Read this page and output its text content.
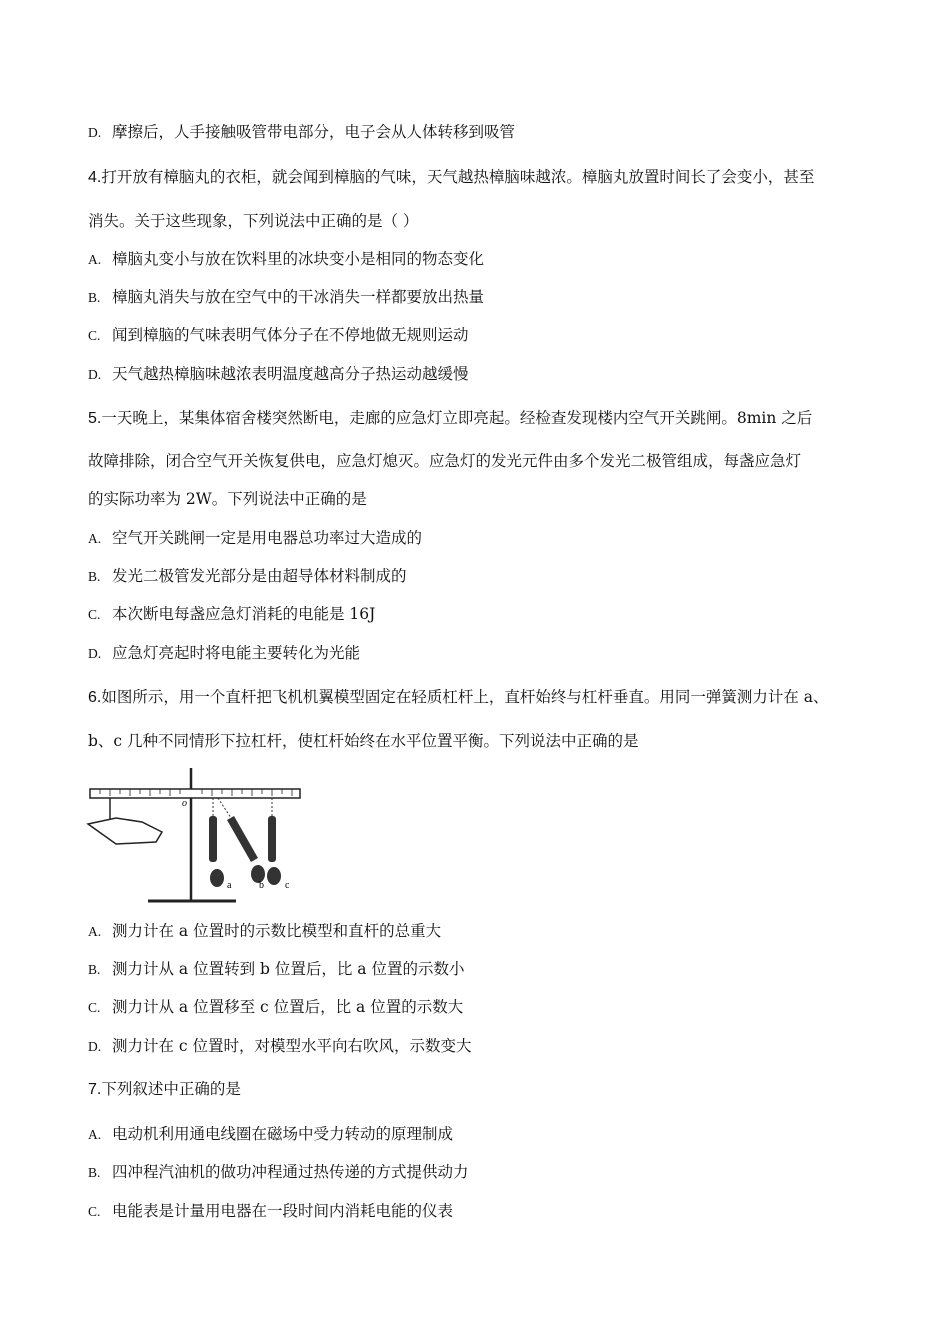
D. 摩擦后，人手接触吸管带电部分，电子会从人体转移到吸管
4.打开放有樟脑丸的衣柜，就会闻到樟脑的气味，天气越热樟脑味越浓。樟脑丸放置时间长了会变小，甚至
消失。关于这些现象，下列说法中正确的是（ ）
A. 樟脑丸变小与放在饮料里的冰块变小是相同的物态变化
B. 樟脑丸消失与放在空气中的干冰消失一样都要放出热量
C. 闻到樟脑的气味表明气体分子在不停地做无规则运动
D. 天气越热樟脑味越浓表明温度越高分子热运动越缓慢
5.一天晚上，某集体宿舍楼突然断电，走廊的应急灯立即亮起。经检查发现楼内空气开关跳闸。8min 之后
故障排除，闭合空气开关恢复供电，应急灯熄灭。应急灯的发光元件由多个发光二极管组成，每盏应急灯
的实际功率为 2W。下列说法中正确的是
A. 空气开关跳闸一定是用电器总功率过大造成的
B. 发光二极管发光部分是由超导体材料制成的
C. 本次断电每盏应急灯消耗的电能是 16J
D. 应急灯亮起时将电能主要转化为光能
6.如图所示，用一个直杆把飞机机翼模型固定在轻质杠杆上，直杆始终与杠杆垂直。用同一弹簧测力计在 a、
b、c 几种不同情形下拉杠杆，使杠杆始终在水平位置平衡。下列说法中正确的是
o
a	b c
A. 测力计在 a 位置时的示数比模型和直杆的总重大
B. 测力计从 a 位置转到 b 位置后，比 a 位置的示数小
C. 测力计从 a 位置移至 c 位置后，比 a 位置的示数大
D. 测力计在 c 位置时，对模型水平向右吹风，示数变大
7.下列叙述中正确的是
A. 电动机利用通电线圈在磁场中受力转动的原理制成
B. 四冲程汽油机的做功冲程通过热传递的方式提供动力
C. 电能表是计量用电器在一段时间内消耗电能的仪表
